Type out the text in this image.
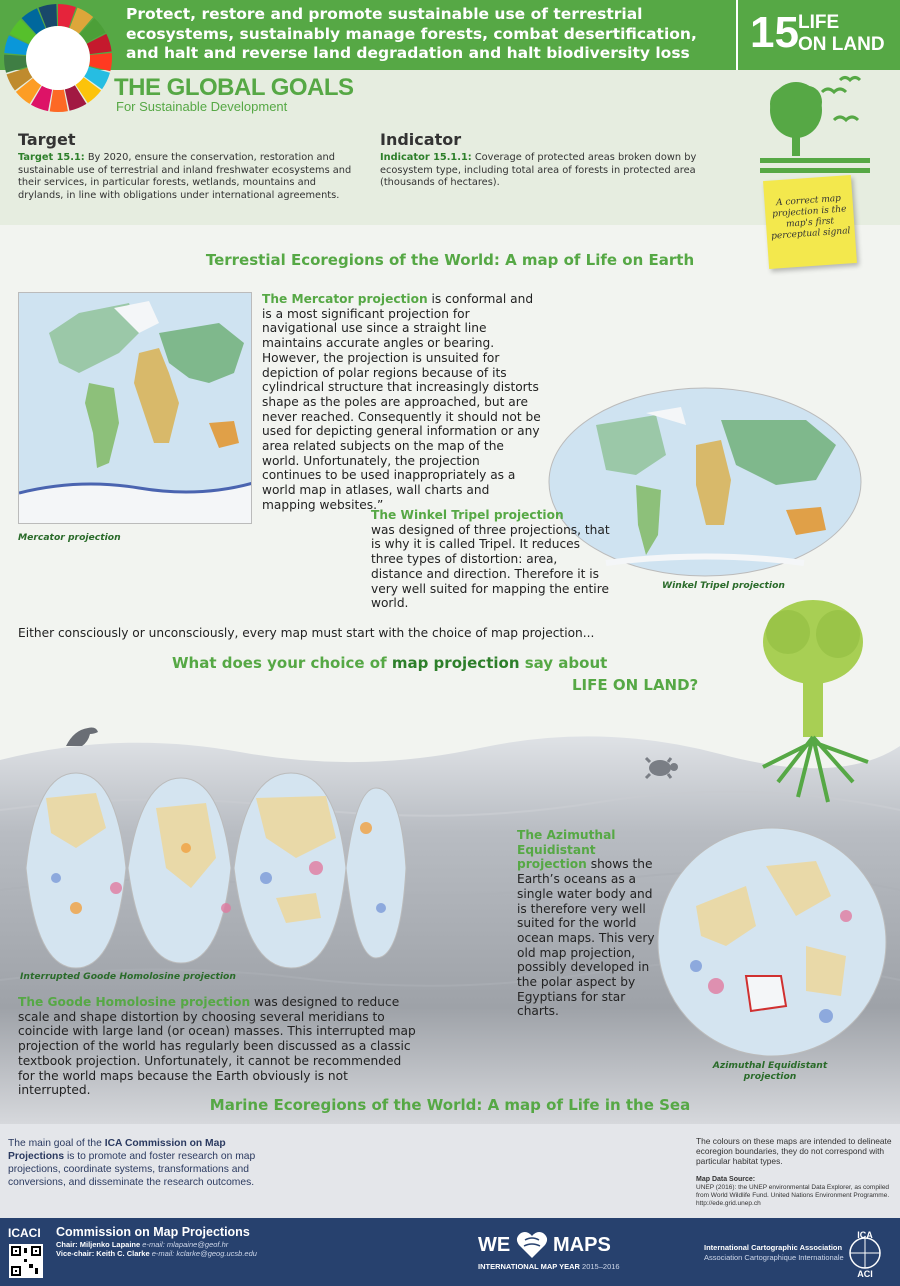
Protect, restore and promote sustainable use of terrestrial ecosystems, sustainably manage forests, combat desertification, and halt and reverse land degradation and halt biodiversity loss	15 LIFE
ON LAND
THE GLOBAL GOALS
For Sustainable Development
Target
Target 15.1: By 2020, ensure the conservation, restoration and sustainable use of terrestrial and inland freshwater ecosystems and their services, in particular forests, wetlands, mountains and drylands, in line with obligations under international agreements.
Indicator
Indicator 15.1.1: Coverage of protected areas broken down by ecosystem type, including total area of forests in protected area (thousands of hectares).
A correct map projection is the map's first perceptual signal
Terrestial Ecoregions of the World: A map of Life on Earth
Mercator projection
The Mercator projection is conformal and is a most significant projection for navigational use since a straight line maintains accurate angles or bearing. However, the projection is unsuited for depiction of polar regions because of its cylindrical structure that increasingly distorts shape as the poles are approached, but are never reached. Consequently it should not be used for depicting general information or any area related subjects on the map of the world. Unfortunately, the projection continues to be used inappropriately as a world map in atlases, wall charts and mapping websites.”
Winkel Tripel projection
The Winkel Tripel projection
was designed of three projections, that is why it is called Tripel. It reduces three types of distortion: area, distance and direction. Therefore it is very well suited for mapping the entire world.
Either consciously or unconsciously, every map must start with the choice of map projection...
What does your choice of map projection say about
LIFE ON LAND?
Interrupted Goode Homolosine projection
The Goode Homolosine projection was designed to reduce scale and shape distortion by choosing several meridians to coincide with large land (or ocean) masses. This interrupted map projection of the world has regularly been discussed as a classic textbook projection. Unfortunately, it cannot be recommended for the world maps because the Earth obviously is not interrupted.
The Azimuthal Equidistant projection shows the Earth’s oceans as a single water body and is therefore very well suited for the world ocean maps. This very old map projection, possibly developed in the polar aspect by Egyptians for star charts.
Azimuthal Equidistant projection
Marine Ecoregions of the World: A map of Life in the Sea
The main goal of the ICA Commission on Map Projections is to promote and foster research on map projections, coordinate systems, transformations and conversions, and disseminate the research outcomes.
The colours on these maps are intended to delineate ecoregion boundaries, they do not correspond with particular habitat types.
Map Data Source:
UNEP (2016): the UNEP environmental Data Explorer, as compiled from World Wildlife Fund. United Nations Environment Programme. http://ede.grid.unep.ch
ICACI Commission on Map Projections
Chair: Miljenko Lapaine e-mail: mlapaine@geof.hr
Vice-chair: Keith C. Clarke e-mail: kclarke@geog.ucsb.edu	WE MAPS
INTERNATIONAL MAP YEAR 2015–2016
International Cartographic Association
Association Cartographique Internationale
ICA
ACI
